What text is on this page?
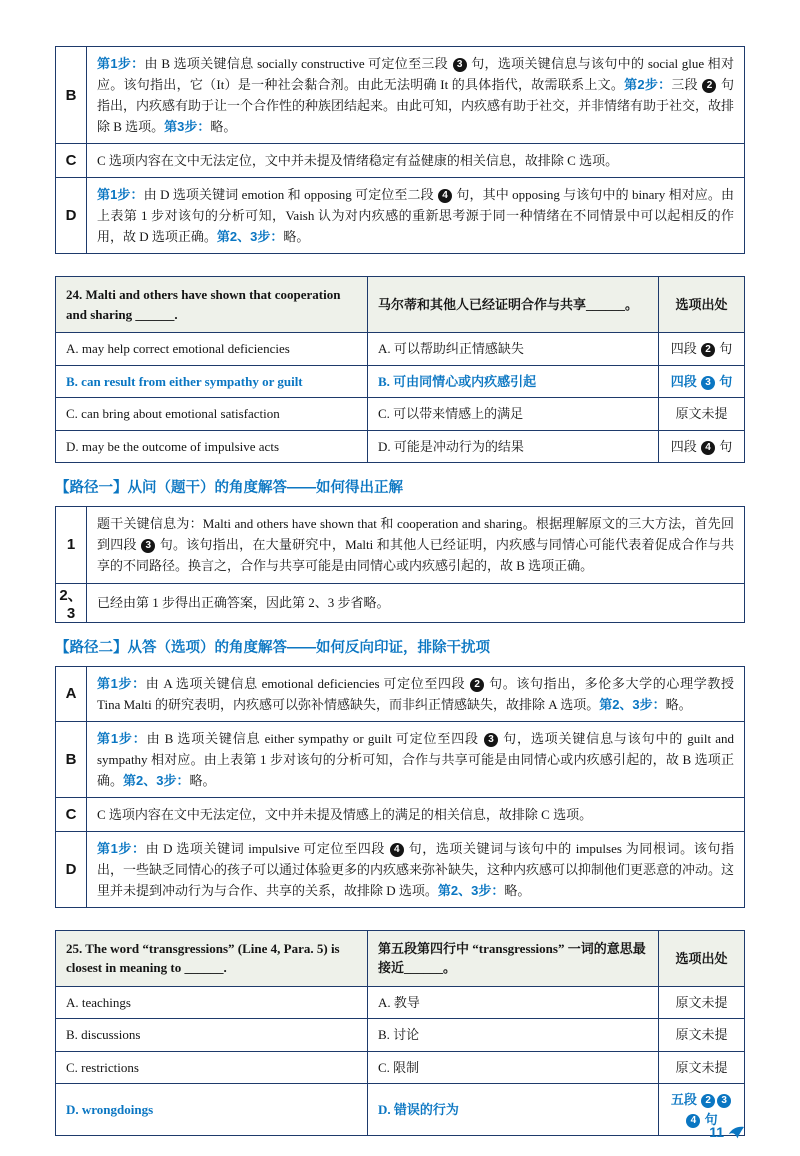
B	第1步：由 B 选项关键信息 socially constructive 可定位至三段 3 句，选项关键信息与该句中的 social glue 相对应。该句指出，它（It）是一种社会黏合剂。由此无法明确 It 的具体指代，故需联系上文。第2步：三段 2 句指出，内疚感有助于让一个合作性的种族团结起来。由此可知，内疚感有助于社交，并非情绪有助于社交，故排除 B 选项。第3步：略。
C	C 选项内容在文中无法定位，文中并未提及情绪稳定有益健康的相关信息，故排除 C 选项。
D	第1步：由 D 选项关键词 emotion 和 opposing 可定位至二段 4 句，其中 opposing 与该句中的 binary 相对应。由上表第 1 步对该句的分析可知，Vaish 认为对内疚感的重新思考源于同一种情绪在不同情景中可以起相反的作用，故 D 选项正确。第2、3步：略。
24. Malti and others have shown that cooperation and sharing ______.	马尔蒂和其他人已经证明合作与共享______。	选项出处
A. may help correct emotional deficiencies	A. 可以帮助纠正情感缺失	四段 2 句
B. can result from either sympathy or guilt	B. 可由同情心或内疚感引起	四段 3 句
C. can bring about emotional satisfaction	C. 可以带来情感上的满足	原文未提
D. may be the outcome of impulsive acts	D. 可能是冲动行为的结果	四段 4 句
【路径一】从问（题干）的角度解答——如何得出正解
1	题干关键信息为：Malti and others have shown that 和 cooperation and sharing。根据理解原文的三大方法，首先回到四段 3 句。该句指出，在大量研究中，Malti 和其他人已经证明，内疚感与同情心可能代表着促成合作与共享的不同路径。换言之，合作与共享可能是由同情心或内疚感引起的，故 B 选项正确。
2、3	已经由第 1 步得出正确答案，因此第 2、3 步省略。
【路径二】从答（选项）的角度解答——如何反向印证，排除干扰项
A	第1步：由 A 选项关键信息 emotional deficiencies 可定位至四段 2 句。该句指出，多伦多大学的心理学教授 Tina Malti 的研究表明，内疚感可以弥补情感缺失，而非纠正情感缺失，故排除 A 选项。第2、3步：略。
B	第1步：由 B 选项关键信息 either sympathy or guilt 可定位至四段 3 句，选项关键信息与该句中的 guilt and sympathy 相对应。由上表第 1 步对该句的分析可知，合作与共享可能是由同情心或内疚感引起的，故 B 选项正确。第2、3步：略。
C	C 选项内容在文中无法定位，文中并未提及情感上的满足的相关信息，故排除 C 选项。
D	第1步：由 D 选项关键词 impulsive 可定位至四段 4 句，选项关键词与该句中的 impulses 为同根词。该句指出，一些缺乏同情心的孩子可以通过体验更多的内疚感来弥补缺失，这种内疚感可以抑制他们更恶意的冲动。这里并未提到冲动行为与合作、共享的关系，故排除 D 选项。第2、3步：略。
25. The word “transgressions” (Line 4, Para. 5) is closest in meaning to ______.	第五段第四行中 “transgressions” 一词的意思最接近______。	选项出处
A. teachings	A. 教导	原文未提
B. discussions	B. 讨论	原文未提
C. restrictions	C. 限制	原文未提
D. wrongdoings	D. 错误的行为	五段 2 34 句
11
